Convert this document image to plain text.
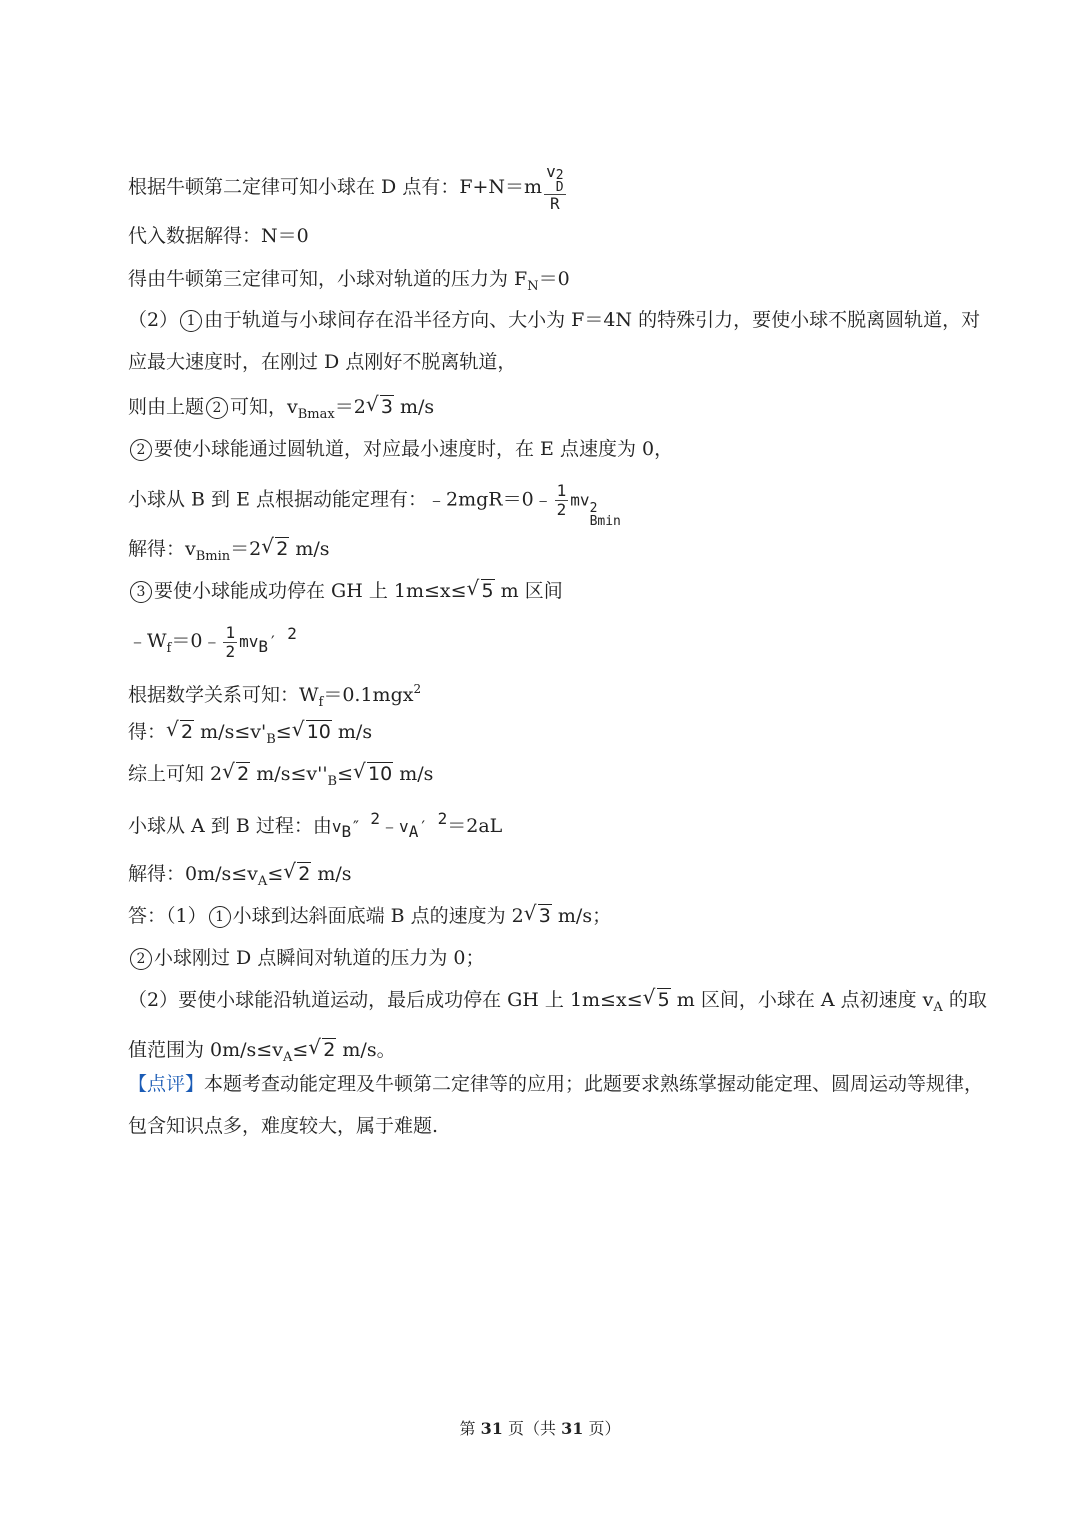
根据牛顿第二定律可知小球在 D 点有：F+N＝m v 2
D
R
代入数据解得：N＝0
得由牛顿第三定律可知，小球对轨道的压力为 $F_N=0$
（2） 1 由于轨道与小球间存在沿半径方向、大小为 F＝4N 的特殊引力，要使小球不脱离圆轨道，对应最大速度时，在刚过 D 点刚好不脱离轨道，
则由上题 2 可知，$v_{Bmax}=2√$ 3 m/s
2 要使小球能通过圆轨道，对应最小速度时，在 E 点速度为 0，
小球从 B 到 E 点根据动能定理有：﹣2mgR＝0﹣ $\frac{1}{2}$ mv 2
Bmin
解得：$v_{Bmin}=2√$ 2 m/s
3 要使小球能成功停在 GH 上 1m≤x≤√ 5 m 区间
$﹣W_f=0﹣ \frac{1}{2} mv_B'$ $^2$
根据数学关系可知：$W_f=0.1mgx^2$
得：√ 2 $m/s\le v'_B\le√$ 10 m/s
综上可知 2√ 2 $m/s\le v''_B\le√$ 10 m/s
小球从 A 到 B 过程：由$v_B''$ $^2﹣v_A'$ $^2$＝2aL
解得：$0m/s\le v_A\le√$ 2 m/s
答：（1） 1 小球到达斜面底端 B 点的速度为 2√ 3 m/s；
2 小球刚过 D 点瞬间对轨道的压力为 0；
（2）要使小球能沿轨道运动，最后成功停在 GH 上 1m≤x≤√ 5 m 区间，小球在 A 点初速度 $v_A$ 的取值范围为 $0m/s\le v_A\le√$ 2 m/s。
【点评】本题考查动能定理及牛顿第二定律等的应用；此题要求熟练掌握动能定理、圆周运动等规律，包含知识点多，难度较大，属于难题.
第 31 页（共 31 页）
